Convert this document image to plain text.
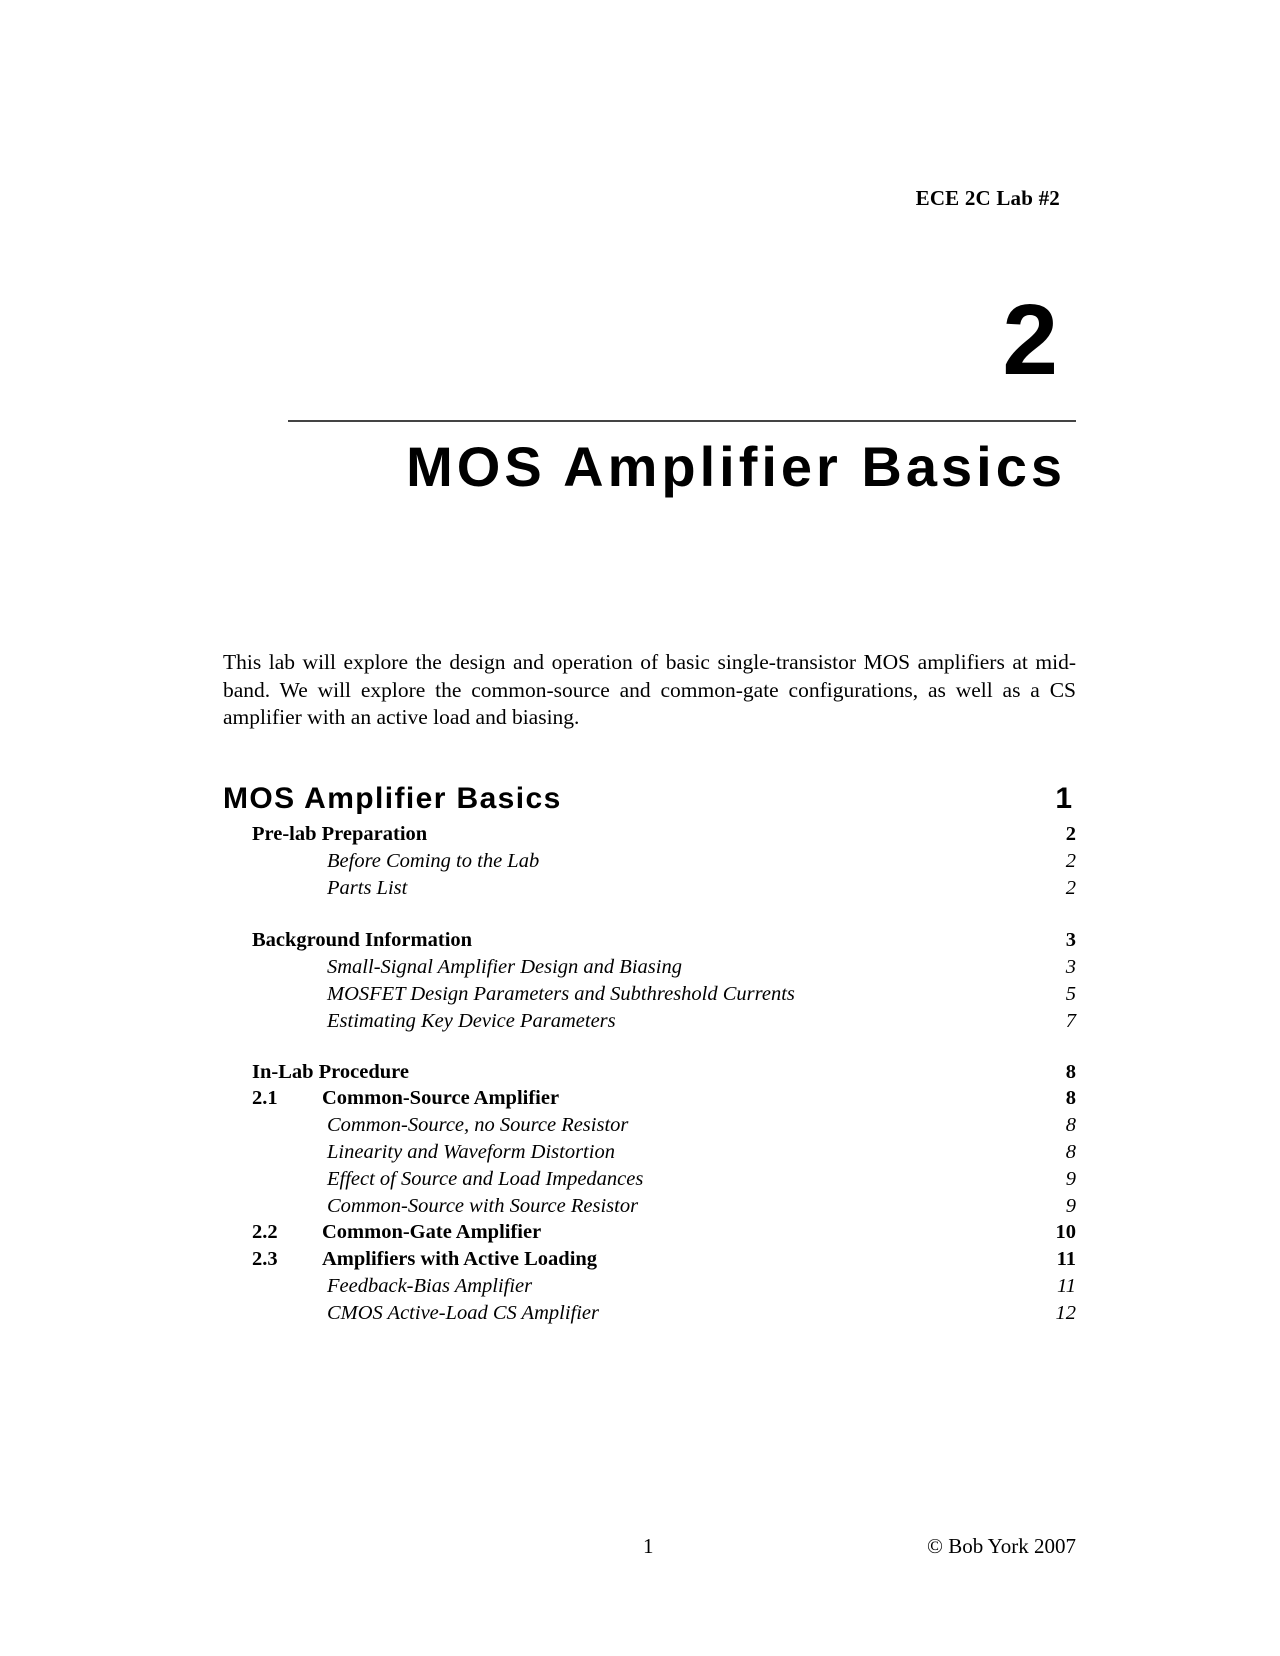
ECE 2C Lab #2
2
MOS Amplifier Basics
This lab will explore the design and operation of basic single-transistor MOS amplifiers at mid-band. We will explore the common-source and common-gate configurations, as well as a CS amplifier with an active load and biasing.
MOS Amplifier Basics	1
Pre-lab Preparation	2
Before Coming to the Lab	2
Parts List	2
Background Information	3
Small-Signal Amplifier Design and Biasing	3
MOSFET Design Parameters and Subthreshold Currents	5
Estimating Key Device Parameters	7
In-Lab Procedure	8
2.1 Common-Source Amplifier	8
Common-Source, no Source Resistor	8
Linearity and Waveform Distortion	8
Effect of Source and Load Impedances	9
Common-Source with Source Resistor	9
2.2 Common-Gate Amplifier	10
2.3 Amplifiers with Active Loading	11
Feedback-Bias Amplifier	11
CMOS Active-Load CS Amplifier	12
1	© Bob York 2007
